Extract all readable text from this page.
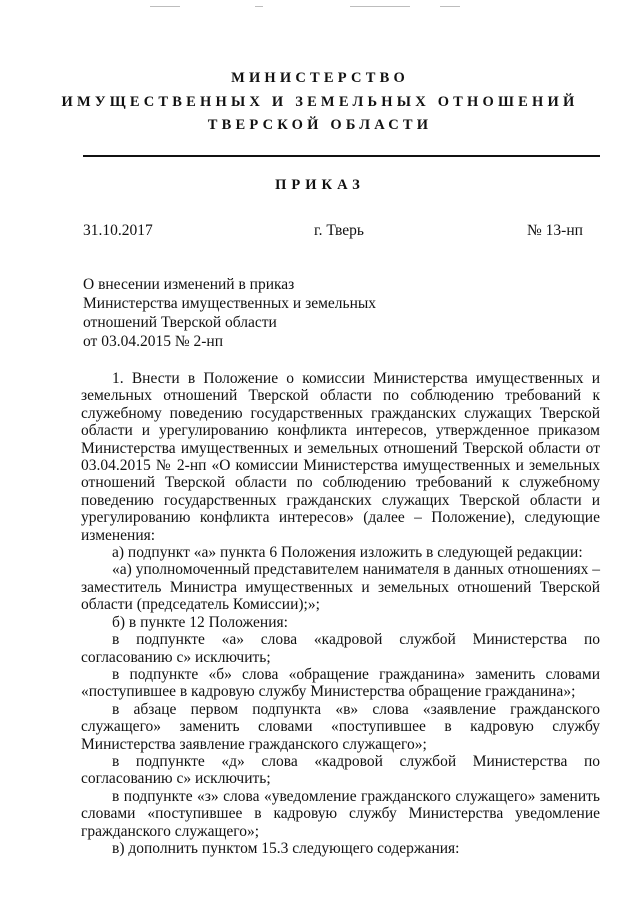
МИНИСТЕРСТВО
ИМУЩЕСТВЕННЫХ И ЗЕМЕЛЬНЫХ ОТНОШЕНИЙ
ТВЕРСКОЙ ОБЛАСТИ
ПРИКАЗ
31.10.2017	г. Тверь	№ 13-нп
О внесении изменений в приказ
Министерства имущественных и земельных
отношений Тверской области
от 03.04.2015 № 2-нп

1. Внести в Положение о комиссии Министерства имущественных и земельных отношений Тверской области по соблюдению требований к служебному поведению государственных гражданских служащих Тверской области и урегулированию конфликта интересов, утвержденное приказом Министерства имущественных и земельных отношений Тверской области от 03.04.2015 № 2-нп «О комиссии Министерства имущественных и земельных отношений Тверской области по соблюдению требований к служебному поведению государственных гражданских служащих Тверской области и урегулированию конфликта интересов» (далее – Положение), следующие изменения:

а) подпункт «а» пункта 6 Положения изложить в следующей редакции:

«а) уполномоченный представителем нанимателя в данных отношениях – заместитель Министра имущественных и земельных отношений Тверской области (председатель Комиссии);»;

б) в пункте 12 Положения:

в подпункте «а» слова «кадровой службой Министерства по согласованию с» исключить;

в подпункте «б» слова «обращение гражданина» заменить словами «поступившее в кадровую службу Министерства обращение гражданина»;

в абзаце первом подпункта «в» слова «заявление гражданского служащего» заменить словами «поступившее в кадровую службу Министерства заявление гражданского служащего»;

в подпункте «д» слова «кадровой службой Министерства по согласованию с» исключить;

в подпункте «з» слова «уведомление гражданского служащего» заменить словами «поступившее в кадровую службу Министерства уведомление гражданского служащего»;

в) дополнить пунктом 15.3 следующего содержания:
